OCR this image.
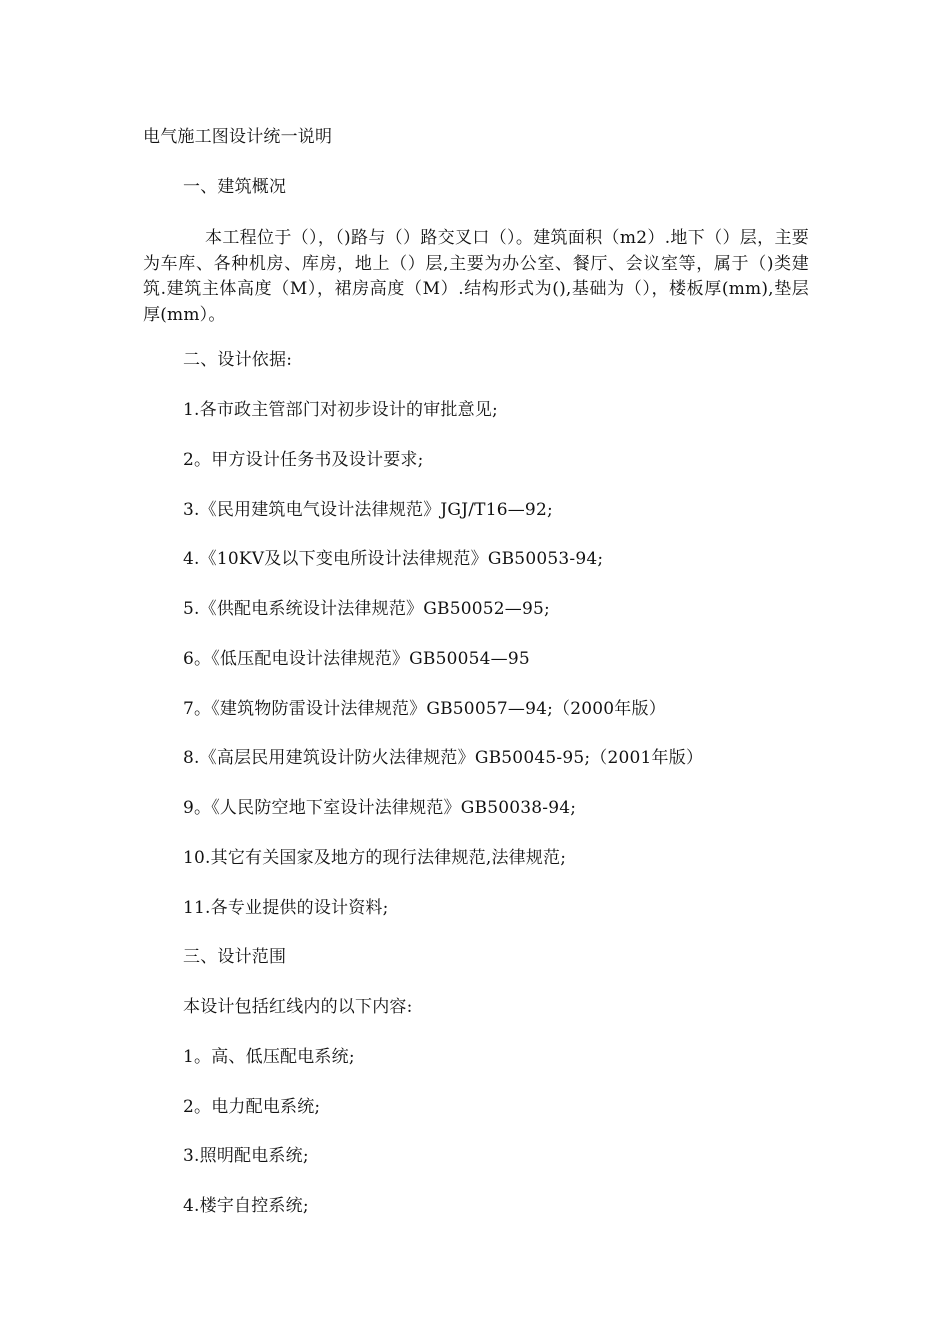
电气施工图设计统一说明
一、建筑概况
本工程位于（），（)路与（）路交叉口（）。建筑面积（m2）.地下（）层，主要为车库、各种机房、库房，地上（）层,主要为办公室、餐厅、会议室等，属于（)类建筑.建筑主体高度（M），裙房高度（M）.结构形式为(),基础为（），楼板厚(mm),垫层厚(mm）。
二、设计依据:
1.各市政主管部门对初步设计的审批意见;
2。甲方设计任务书及设计要求;
3.《民用建筑电气设计法律规范》JGJ/T16—92;
4.《10KV及以下变电所设计法律规范》GB50053-94;
5.《供配电系统设计法律规范》GB50052—95;
6。《低压配电设计法律规范》GB50054—95
7。《建筑物防雷设计法律规范》GB50057—94;（2000年版）
8.《高层民用建筑设计防火法律规范》GB50045-95;（2001年版）
9。《人民防空地下室设计法律规范》GB50038-94;
10.其它有关国家及地方的现行法律规范,法律规范;
11.各专业提供的设计资料;
三、设计范围
本设计包括红线内的以下内容:
1。高、低压配电系统;
2。电力配电系统;
3.照明配电系统;
4.楼宇自控系统;
